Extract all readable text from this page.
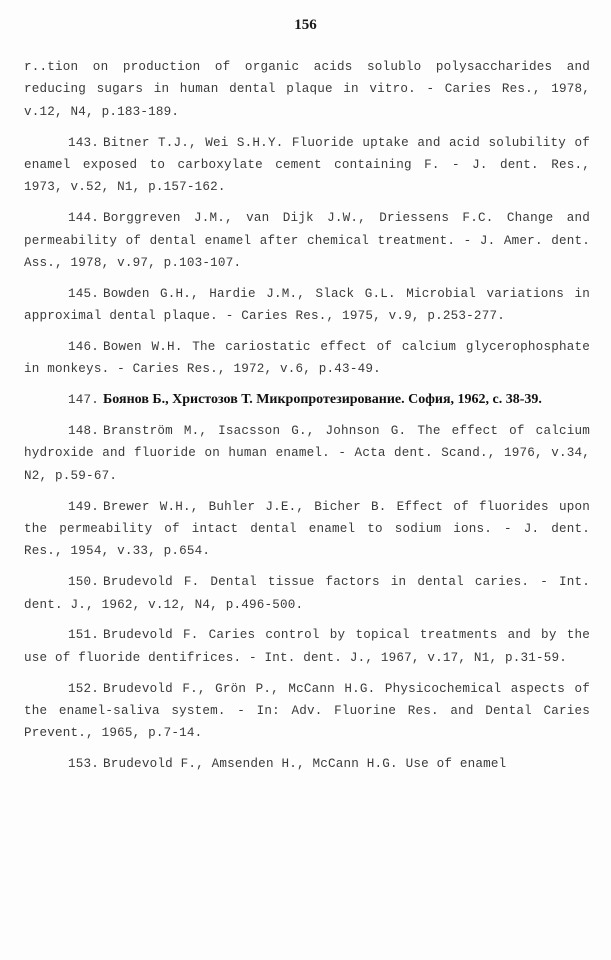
156

r..tion on production of organic acids solublo polysaccharides and reducing sugars in human dental plaque in vitro. - Caries Res., 1978, v.12, N4, p.183-189.

143. Bitner T.J., Wei S.H.Y. Fluoride uptake and acid solubility of enamel exposed to carboxylate cement containing F. - J. dent. Res., 1973, v.52, N1, p.157-162.

144. Borggreven J.M., van Dijk J.W., Driessens F.C. Change and permeability of dental enamel after chemical treatment. - J. Amer. dent. Ass., 1978, v.97, p.103-107.

145. Bowden G.H., Hardie J.M., Slack G.L. Microbial variations in approximal dental plaque. - Caries Res., 1975, v.9, p.253-277.

146. Bowen W.H. The cariostatic effect of calcium glycerophosphate in monkeys. - Caries Res., 1972, v.6, p.43-49.

147. Боянов Б., Христозов Т. Микропротезирование. София, 1962, с. 38-39.

148. Branström M., Isacsson G., Johnson G. The effect of calcium hydroxide and fluoride on human enamel. - Acta dent. Scand., 1976, v.34, N2, p.59-67.

149. Brewer W.H., Buhler J.E., Bicher B. Effect of fluorides upon the permeability of intact dental enamel to sodium ions. - J. dent. Res., 1954, v.33, p.654.

150. Brudevold F. Dental tissue factors in dental caries. - Int. dent. J., 1962, v.12, N4, p.496-500.

151. Brudevold F. Caries control by topical treatments and by the use of fluoride dentifrices. - Int. dent. J., 1967, v.17, N1, p.31-59.

152. Brudevold F., Grön P., McCann H.G. Physicochemical aspects of the enamel-saliva system. - In: Adv. Fluorine Res. and Dental Caries Prevent., 1965, p.7-14.

153. Brudevold F., Amsenden H., McCann H.G. Use of enamel
